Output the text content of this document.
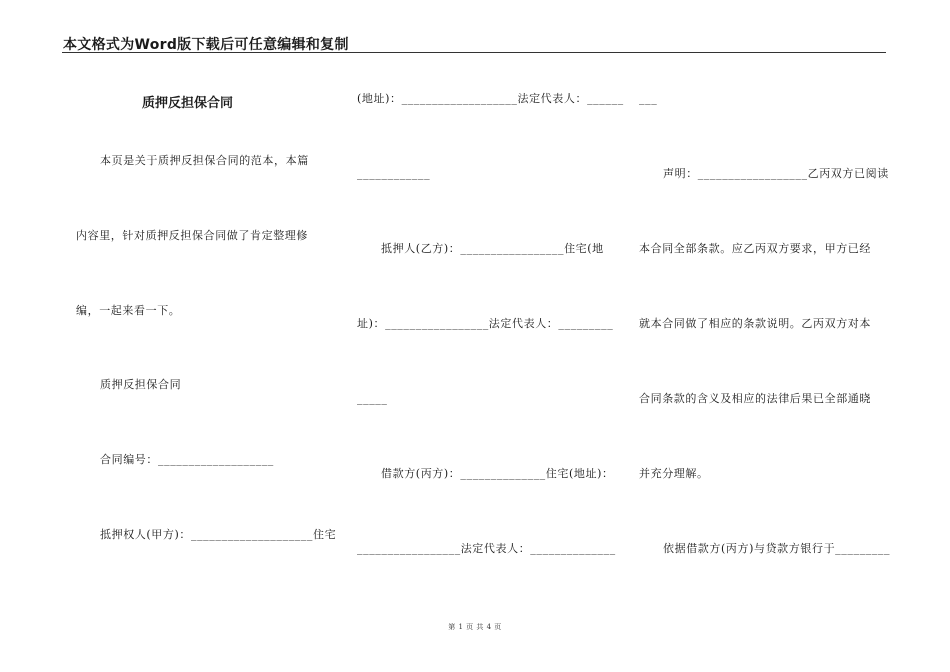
本文格式为Word版下载后可任意编辑和复制
质押反担保合同
本页是关于质押反担保合同的范本，本篇
内容里，针对质押反担保合同做了肯定整理修
编，一起来看一下。
质押反担保合同
合同编号：___________________
抵押权人(甲方)：____________________住宅
(地址)：___________________法定代表人：______
____________
抵押人(乙方)：_________________住宅(地
址)：_________________法定代表人：_________
_____
借款方(丙方)：______________住宅(地址)：
_________________法定代表人：______________
___
声明：__________________乙丙双方已阅读
本合同全部条款。应乙丙双方要求，甲方已经
就本合同做了相应的条款说明。乙丙双方对本
合同条款的含义及相应的法律后果已全部通晓
并充分理解。
依据借款方(丙方)与贷款方银行于_________
第 1 页 共 4 页
